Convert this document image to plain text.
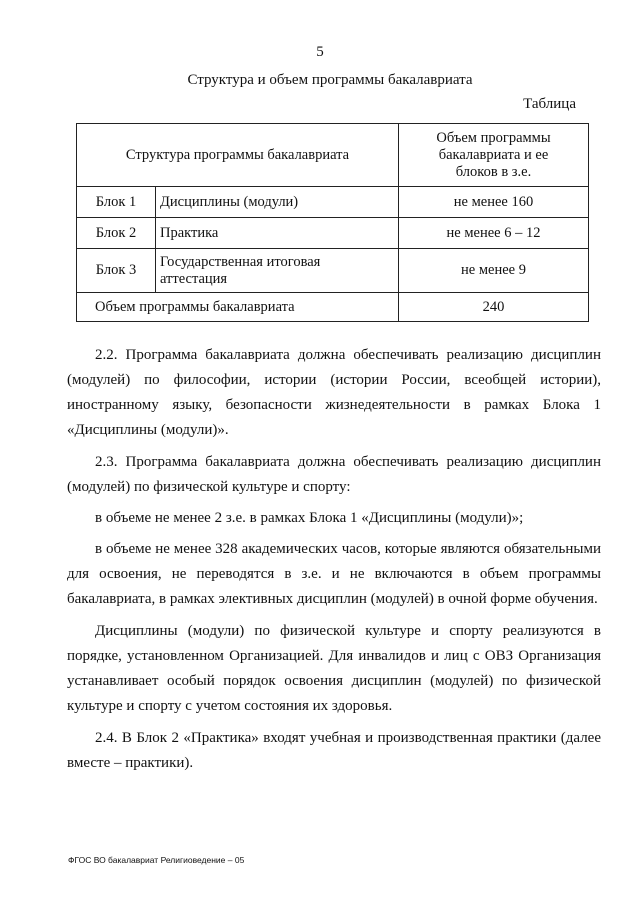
5
Структура и объем программы бакалавриата
Таблица
Структура программы бакалавриата		Объем программы бакалавриата и ее блоков в з.е.

Блок 1	Дисциплины (модули)	не менее 160
Блок 2	Практика	не менее 6 – 12
Блок 3	Государственная итоговая аттестация	не менее 9
Объем программы бакалавриата		240

2.2. Программа бакалавриата должна обеспечивать реализацию дисциплин (модулей) по философии, истории (истории России, всеобщей истории), иностранному языку, безопасности жизнедеятельности в рамках Блока 1 «Дисциплины (модули)».

2.3. Программа бакалавриата должна обеспечивать реализацию дисциплин (модулей) по физической культуре и спорту:

в объеме не менее 2 з.е. в рамках Блока 1 «Дисциплины (модули)»;

в объеме не менее 328 академических часов, которые являются обязательными для освоения, не переводятся в з.е. и не включаются в объем программы бакалавриата, в рамках элективных дисциплин (модулей) в очной форме обучения.

Дисциплины (модули) по физической культуре и спорту реализуются в порядке, установленном Организацией. Для инвалидов и лиц с ОВЗ Организация устанавливает особый порядок освоения дисциплин (модулей) по физической культуре и спорту с учетом состояния их здоровья.

2.4. В Блок 2 «Практика» входят учебная и производственная практики (далее вместе – практики).

ФГОС ВО бакалавриат Религиоведение – 05
